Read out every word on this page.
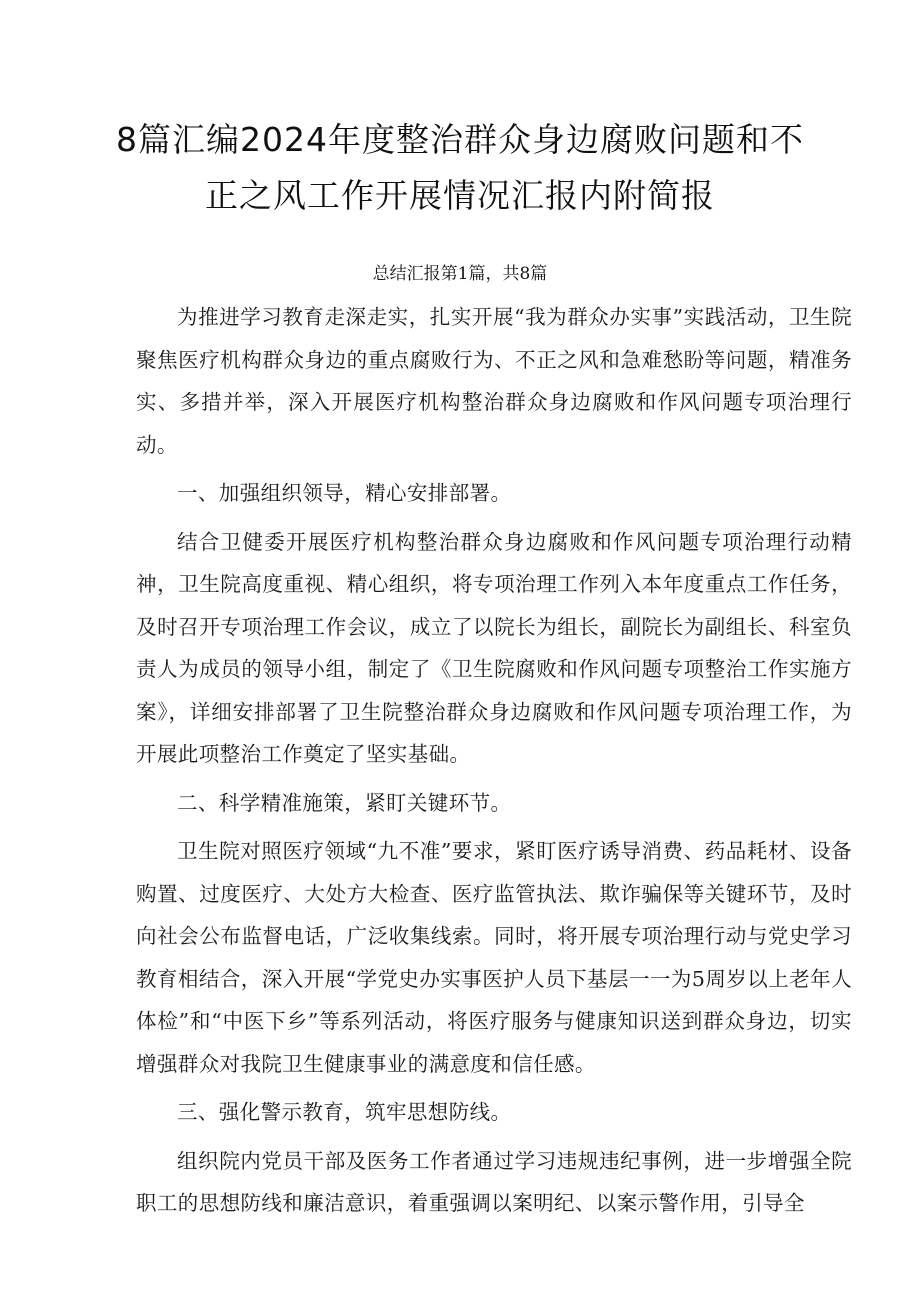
8篇汇编2024年度整治群众身边腐败问题和不
正之风工作开展情况汇报内附简报

总结汇报第1篇，共8篇

为推进学习教育走深走实，扎实开展“我为群众办实事”实践活动，卫生院聚焦医疗机构群众身边的重点腐败行为、不正之风和急难愁盼等问题，精准务实、多措并举，深入开展医疗机构整治群众身边腐败和作风问题专项治理行动。

一、加强组织领导，精心安排部署。

结合卫健委开展医疗机构整治群众身边腐败和作风问题专项治理行动精神，卫生院高度重视、精心组织，将专项治理工作列入本年度重点工作任务，及时召开专项治理工作会议，成立了以院长为组长，副院长为副组长、科室负责人为成员的领导小组，制定了《卫生院腐败和作风问题专项整治工作实施方案》，详细安排部署了卫生院整治群众身边腐败和作风问题专项治理工作，为开展此项整治工作奠定了坚实基础。

二、科学精准施策，紧盯关键环节。

卫生院对照医疗领域“九不准”要求，紧盯医疗诱导消费、药品耗材、设备购置、过度医疗、大处方大检查、医疗监管执法、欺诈骗保等关键环节，及时向社会公布监督电话，广泛收集线索。同时，将开展专项治理行动与党史学习教育相结合，深入开展“学党史办实事医护人员下基层一一为5周岁以上老年人体检”和“中医下乡”等系列活动，将医疗服务与健康知识送到群众身边，切实增强群众对我院卫生健康事业的满意度和信任感。

三、强化警示教育，筑牢思想防线。

组织院内党员干部及医务工作者通过学习违规违纪事例，进一步增强全院职工的思想防线和廉洁意识，着重强调以案明纪、以案示警作用，引导全
